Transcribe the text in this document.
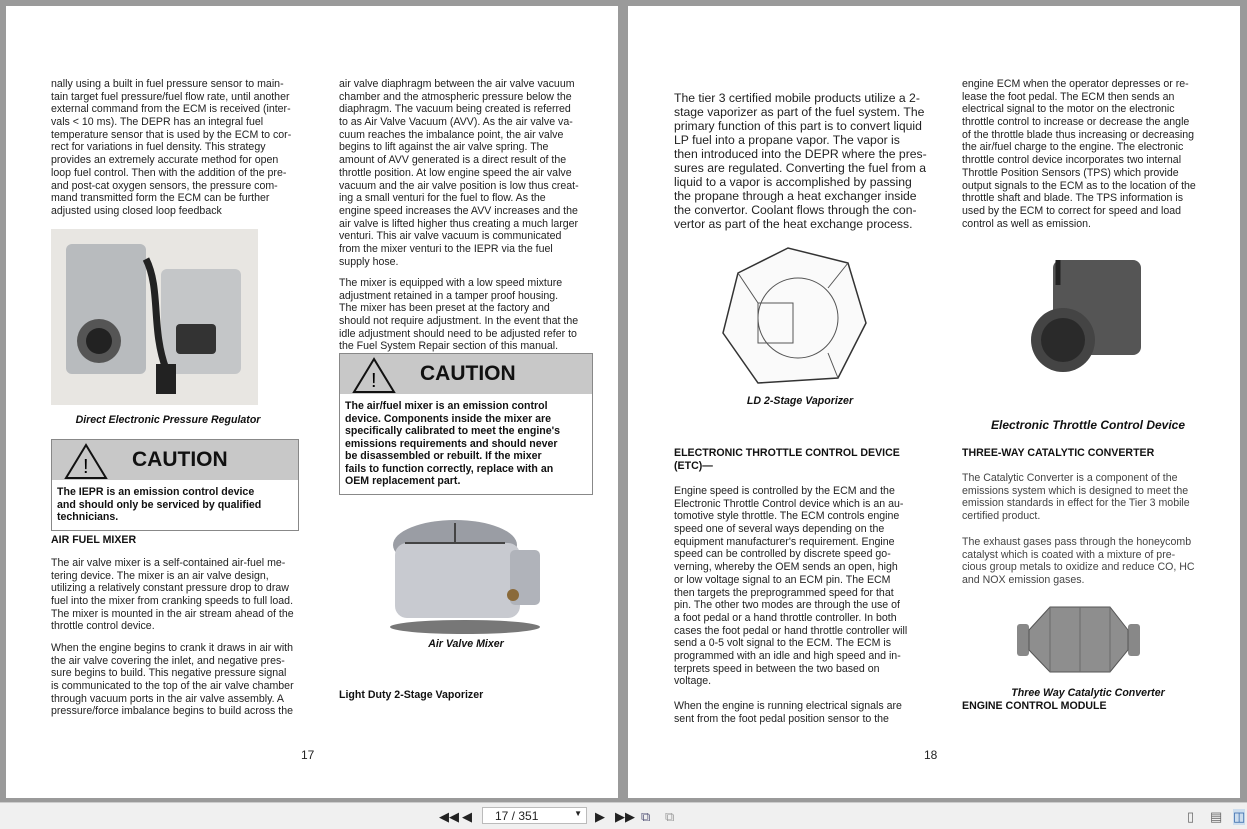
nally using a built in fuel pressure sensor to main-
tain target fuel pressure/fuel flow rate, until another
external command from the ECM is received (inter-
vals < 10 ms). The DEPR has an integral fuel
temperature sensor that is used by the ECM to cor-
rect for variations in fuel density. This strategy
provides an extremely accurate method for open
loop fuel control. Then with the addition of the pre-
and post-cat oxygen sensors, the pressure com-
mand transmitted form the ECM can be further
adjusted using closed loop feedback
Direct Electronic Pressure Regulator
! CAUTION
The IEPR is an emission control device
and should only be serviced by qualified
technicians.
AIR FUEL MIXER
The air valve mixer is a self-contained air-fuel me-
tering device. The mixer is an air valve design,
utilizing a relatively constant pressure drop to draw
fuel into the mixer from cranking speeds to full load.
The mixer is mounted in the air stream ahead of the
throttle control device.
When the engine begins to crank it draws in air with
the air valve covering the inlet, and negative pres-
sure begins to build. This negative pressure signal
is communicated to the top of the air valve chamber
through vacuum ports in the air valve assembly. A
pressure/force imbalance begins to build across the
air valve diaphragm between the air valve vacuum
chamber and the atmospheric pressure below the
diaphragm. The vacuum being created is referred
to as Air Valve Vacuum (AVV). As the air valve va-
cuum reaches the imbalance point, the air valve
begins to lift against the air valve spring. The
amount of AVV generated is a direct result of the
throttle position. At low engine speed the air valve
vacuum and the air valve position is low thus creat-
ing a small venturi for the fuel to flow. As the
engine speed increases the AVV increases and the
air valve is lifted higher thus creating a much larger
venturi. This air valve vacuum is communicated
from the mixer venturi to the IEPR via the fuel
supply hose.
The mixer is equipped with a low speed mixture
adjustment retained in a tamper proof housing.
The mixer has been preset at the factory and
should not require adjustment. In the event that the
idle adjustment should need to be adjusted refer to
the Fuel System Repair section of this manual.
! CAUTION
The air/fuel mixer is an emission control
device. Components inside the mixer are
specifically calibrated to meet the engine's
emissions requirements and should never
be disassembled or rebuilt. If the mixer
fails to function correctly, replace with an
OEM replacement part.
Air Valve Mixer
Light Duty 2-Stage Vaporizer
17
The tier 3 certified mobile products utilize a 2-
stage vaporizer as part of the fuel system. The
primary function of this part is to convert liquid
LP fuel into a propane vapor. The vapor is
then introduced into the DEPR where the pres-
sures are regulated. Converting the fuel from a
liquid to a vapor is accomplished by passing
the propane through a heat exchanger inside
the convertor. Coolant flows through the con-
vertor as part of the heat exchange process.
LD 2-Stage Vaporizer
ELECTRONIC THROTTLE CONTROL DEVICE
(ETC)—
Engine speed is controlled by the ECM and the
Electronic Throttle Control device which is an au-
tomotive style throttle. The ECM controls engine
speed one of several ways depending on the
equipment manufacturer's requirement. Engine
speed can be controlled by discrete speed go-
verning, whereby the OEM sends an open, high
or low voltage signal to an ECM pin. The ECM
then targets the preprogrammed speed for that
pin. The other two modes are through the use of
a foot pedal or a hand throttle controller. In both
cases the foot pedal or hand throttle controller will
send a 0-5 volt signal to the ECM. The ECM is
programmed with an idle and high speed and in-
terprets speed in between the two based on
voltage.
When the engine is running electrical signals are
sent from the foot pedal position sensor to the
engine ECM when the operator depresses or re-
lease the foot pedal. The ECM then sends an
electrical signal to the motor on the electronic
throttle control to increase or decrease the angle
of the throttle blade thus increasing or decreasing
the air/fuel charge to the engine. The electronic
throttle control device incorporates two internal
Throttle Position Sensors (TPS) which provide
output signals to the ECM as to the location of the
throttle shaft and blade. The TPS information is
used by the ECM to correct for speed and load
control as well as emission.
Electronic Throttle Control Device
THREE-WAY CATALYTIC CONVERTER
The Catalytic Converter is a component of the
emissions system which is designed to meet the
emission standards in effect for the Tier 3 mobile
certified product.
The exhaust gases pass through the honeycomb
catalyst which is coated with a mixture of pre-
cious group metals to oxidize and reduce CO, HC
and NOX emission gases.
Three Way Catalytic Converter
ENGINE CONTROL MODULE
18
◀◀ ◀	17 / 351	▼ ▶ ▶▶ ⧉ ⧉	▯ ▤ ◫
